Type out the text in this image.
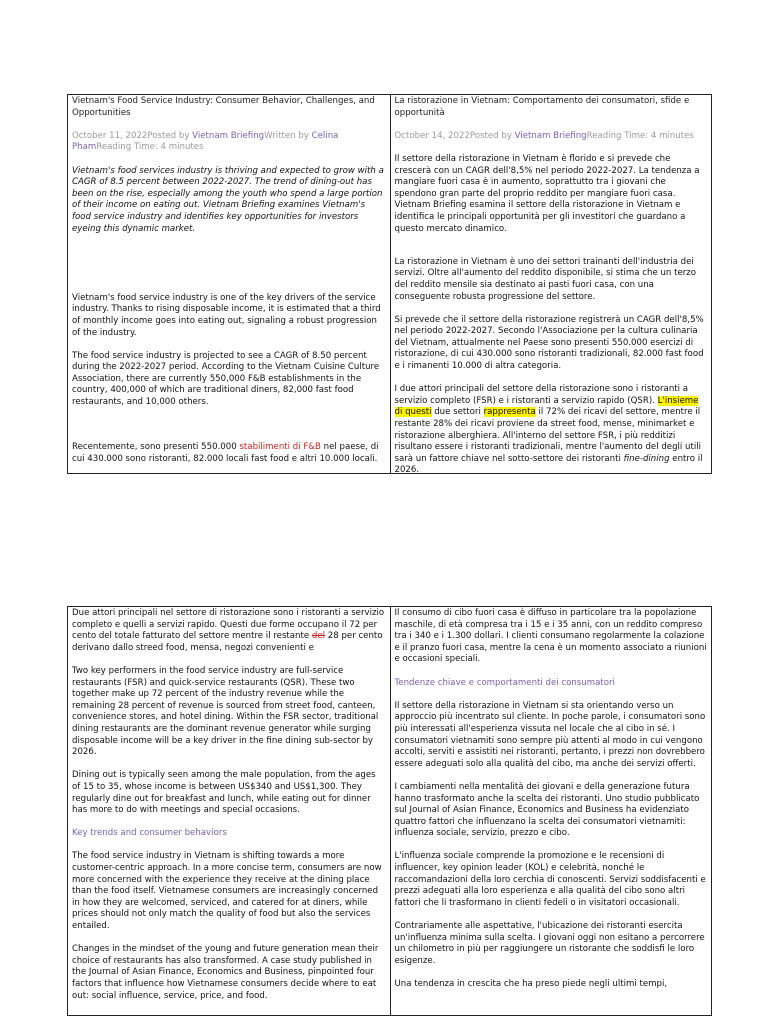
Vietnam's Food Service Industry: Consumer Behavior, Challenges, and Opportunities

October 11, 2022Posted by Vietnam BriefingWritten by Celina PhamReading Time: 4 minutes

Vietnam's food services industry is thriving and expected to grow with a CAGR of 8.5 percent between 2022-2027. The trend of dining-out has been on the rise, especially among the youth who spend a large portion of their income on eating out. Vietnam Briefing examines Vietnam's food service industry and identifies key opportunities for investors eyeing this dynamic market.

Vietnam's food service industry is one of the key drivers of the service industry. Thanks to rising disposable income, it is estimated that a third of monthly income goes into eating out, signaling a robust progression of the industry.

The food service industry is projected to see a CAGR of 8.50 percent during the 2022-2027 period. According to the Vietnam Cuisine Culture Association, there are currently 550,000 F&B establishments in the country, 400,000 of which are traditional diners, 82,000 fast food restaurants, and 10,000 others.

Recentemente, sono presenti 550.000 stabilimenti di F&B nel paese, di cui 430.000 sono ristoranti, 82.000 locali fast food e altri 10.000 locali.

La ristorazione in Vietnam: Comportamento dei consumatori, sfide e opportunità

October 14, 2022Posted by Vietnam BriefingReading Time: 4 minutes

Il settore della ristorazione in Vietnam è florido e si prevede che crescerà con un CAGR dell'8,5% nel periodo 2022-2027. La tendenza a mangiare fuori casa è in aumento, soprattutto tra i giovani che spendono gran parte del proprio reddito per mangiare fuori casa. Vietnam Briefing esamina il settore della ristorazione in Vietnam e identifica le principali opportunità per gli investitori che guardano a questo mercato dinamico.

La ristorazione in Vietnam è uno dei settori trainanti dell'industria dei servizi. Oltre all'aumento del reddito disponibile, si stima che un terzo del reddito mensile sia destinato ai pasti fuori casa, con una conseguente robusta progressione del settore.

Si prevede che il settore della ristorazione registrerà un CAGR dell'8,5% nel periodo 2022-2027. Secondo l'Associazione per la cultura culinaria del Vietnam, attualmente nel Paese sono presenti 550.000 esercizi di ristorazione, di cui 430.000 sono ristoranti tradizionali, 82.000 fast food e i rimanenti 10.000 di altra categoria.

I due attori principali del settore della ristorazione sono i ristoranti a servizio completo (FSR) e i ristoranti a servizio rapido (QSR). L'insieme di questi due settori rappresenta il 72% dei ricavi del settore, mentre il restante 28% dei ricavi proviene da street food, mense, minimarket e ristorazione alberghiera. All'interno del settore FSR, i più redditizi risultano essere i ristoranti tradizionali, mentre l'aumento del degli utili sarà un fattore chiave nel sotto-settore dei ristoranti fine-dining entro il 2026.

Due attori principali nel settore di ristorazione sono i ristoranti a servizio completo e quelli a servizi rapido. Questi due forme occupano il 72 per cento del totale fatturato del settore mentre il restante del 28 per cento derivano dallo streed food, mensa, negozi convenienti e

Two key performers in the food service industry are full-service restaurants (FSR) and quick-service restaurants (QSR). These two together make up 72 percent of the industry revenue while the remaining 28 percent of revenue is sourced from street food, canteen, convenience stores, and hotel dining. Within the FSR sector, traditional dining restaurants are the dominant revenue generator while surging disposable income will be a key driver in the fine dining sub-sector by 2026.

Dining out is typically seen among the male population, from the ages of 15 to 35, whose income is between US$340 and US$1,300. They regularly dine out for breakfast and lunch, while eating out for dinner has more to do with meetings and special occasions.

Key trends and consumer behaviors

The food service industry in Vietnam is shifting towards a more customer-centric approach. In a more concise term, consumers are now more concerned with the experience they receive at the dining place than the food itself. Vietnamese consumers are increasingly concerned in how they are welcomed, serviced, and catered for at diners, while prices should not only match the quality of food but also the services entailed.

Changes in the mindset of the young and future generation mean their choice of restaurants has also transformed. A case study published in the Journal of Asian Finance, Economics and Business, pinpointed four factors that influence how Vietnamese consumers decide where to eat out: social influence, service, price, and food.

Il consumo di cibo fuori casa è diffuso in particolare tra la popolazione maschile, di età compresa tra i 15 e i 35 anni, con un reddito compreso tra i 340 e i 1.300 dollari. I clienti consumano regolarmente la colazione e il pranzo fuori casa, mentre la cena è un momento associato a riunioni e occasioni speciali.

Tendenze chiave e comportamenti dei consumatori

Il settore della ristorazione in Vietnam si sta orientando verso un approccio più incentrato sul cliente. In poche parole, i consumatori sono più interessati all'esperienza vissuta nel locale che al cibo in sé. I consumatori vietnamiti sono sempre più attenti al modo in cui vengono accolti, serviti e assistiti nei ristoranti, pertanto, i prezzi non dovrebbero essere adeguati solo alla qualità del cibo, ma anche dei servizi offerti.

I cambiamenti nella mentalità dei giovani e della generazione futura hanno trasformato anche la scelta dei ristoranti. Uno studio pubblicato sul Journal of Asian Finance, Economics and Business ha evidenziato quattro fattori che influenzano la scelta dei consumatori vietnamiti: influenza sociale, servizio, prezzo e cibo.

L'influenza sociale comprende la promozione e le recensioni di influencer, key opinion leader (KOL) e celebrità, nonché le raccomandazioni della loro cerchia di conoscenti. Servizi soddisfacenti e prezzi adeguati alla loro esperienza e alla qualità del cibo sono altri fattori che li trasformano in clienti fedeli o in visitatori occasionali.

Contrariamente alle aspettative, l'ubicazione dei ristoranti esercita un'influenza minima sulla scelta. I giovani oggi non esitano a percorrere un chilometro in più per raggiungere un ristorante che soddisfi le loro esigenze.

Una tendenza in crescita che ha preso piede negli ultimi tempi,
